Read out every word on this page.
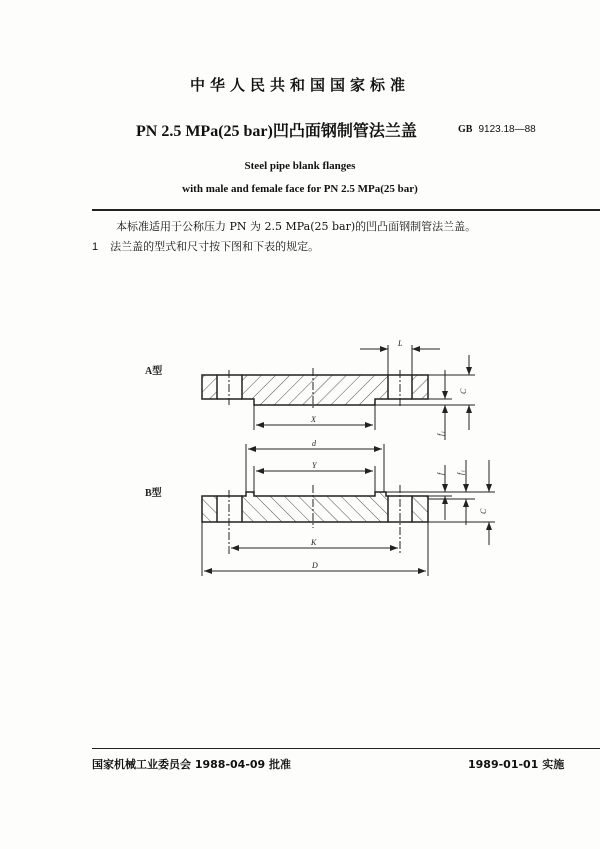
中华人民共和国国家标准
PN 2.5 MPa(25 bar)凹凸面钢制管法兰盖	GB 9123.18—88
Steel pipe blank flanges
with male and female face for PN 2.5 MPa(25 bar)
本标准适用于公称压力 PN 为 2.5 MPa(25 bar)的凹凸面钢制管法兰盖。
1 法兰盖的型式和尺寸按下图和下表的规定。
A型
L
C
f₁
X
B型
d
Y
K
D
f f₁
C
国家机械工业委员会 1988-04-09 批准	1989-01-01 实施
